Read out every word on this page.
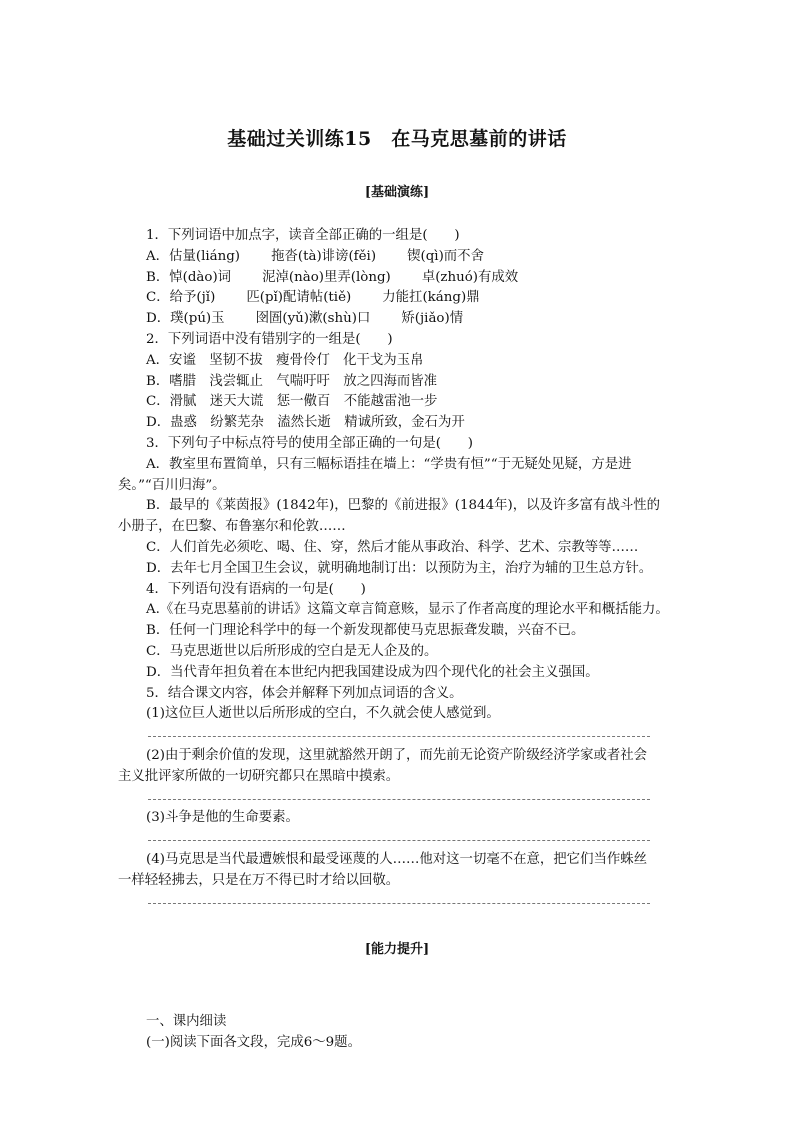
基础过关训练15　在马克思墓前的讲话
[基础演练]
1．下列词语中加点字，读音全部正确的一组是(　　)
A．估量(liáng)　　 拖沓(tà)诽谤(fěi)　　 锲(qì)而不舍
B．悼(dào)词　　 泥淖(nào)里弄(lòng)　　 卓(zhuó)有成效
C．给予(jǐ)　　 匹(pǐ)配请帖(tiě)　　 力能扛(káng)鼎
D．璞(pú)玉　　 囹圄(yǔ)漱(shù)口　　 矫(jiǎo)情
2．下列词语中没有错别字的一组是(　　)
A．安谧　坚韧不拔　瘦骨伶仃　化干戈为玉帛
B．嗜腊　浅尝辄止　气喘吁吁　放之四海而皆准
C．滑腻　迷天大谎　惩一儆百　不能越雷池一步
D．蛊惑　纷繁芜杂　溘然长逝　精诚所致，金石为开
3．下列句子中标点符号的使用全部正确的一句是(　　)
A．教室里布置简单，只有三幅标语挂在墙上：“学贵有恒”“于无疑处见疑，方是进
矣。”“百川归海”。
B．最早的《莱茵报》(1842年)，巴黎的《前进报》(1844年)，以及许多富有战斗性的
小册子，在巴黎、布鲁塞尔和伦敦……
C．人们首先必须吃、喝、住、穿，然后才能从事政治、科学、艺术、宗教等等……
D．去年七月全国卫生会议，就明确地制订出：以预防为主，治疗为辅的卫生总方针。
4．下列语句没有语病的一句是(　　)
A.《在马克思墓前的讲话》这篇文章言简意赅，显示了作者高度的理论水平和概括能力。
B．任何一门理论科学中的每一个新发现都使马克思振聋发聩，兴奋不已。
C．马克思逝世以后所形成的空白是无人企及的。
D．当代青年担负着在本世纪内把我国建设成为四个现代化的社会主义强国。
5．结合课文内容，体会并解释下列加点词语的含义。
(1)这位巨人逝世以后所形成的空白，不久就会使人感觉到。
(2)由于剩余价值的发现，这里就豁然开朗了，而先前无论资产阶级经济学家或者社会
主义批评家所做的一切研究都只在黑暗中摸索。
(3)斗争是他的生命要素。
(4)马克思是当代最遭嫉恨和最受诬蔑的人……他对这一切毫不在意，把它们当作蛛丝
一样轻轻拂去，只是在万不得已时才给以回敬。
[能力提升]
一、课内细读
(一)阅读下面各文段，完成6～9题。
